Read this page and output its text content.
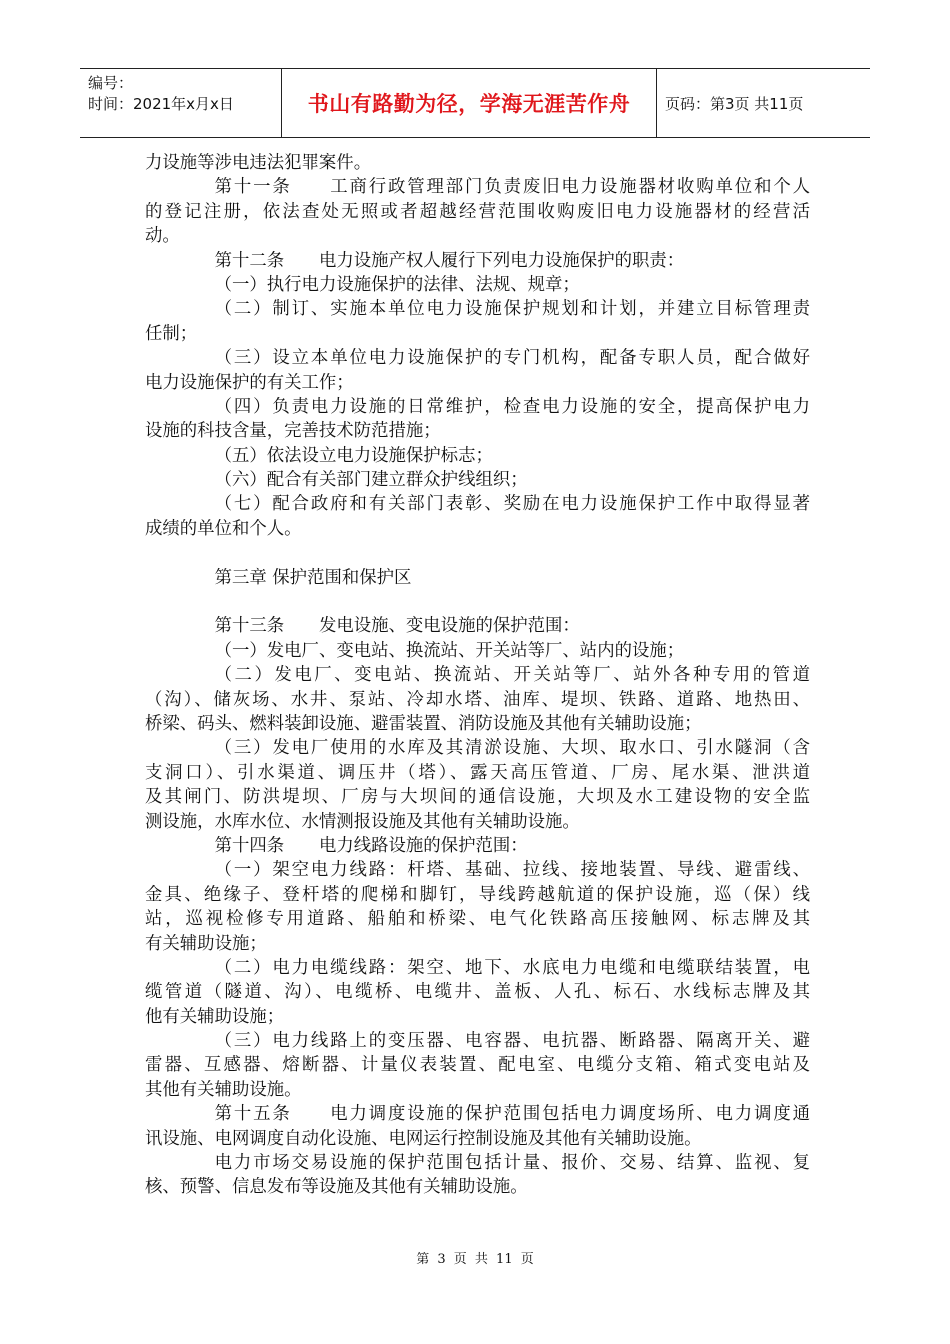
编号：
时间：2021年x月x日	书山有路勤为径，学海无涯苦作舟	页码：第3页 共11页
力设施等涉电违法犯罪案件。
第十一条　　工商行政管理部门负责废旧电力设施器材收购单位和个人
的登记注册，依法查处无照或者超越经营范围收购废旧电力设施器材的经营活
动。
第十二条　　电力设施产权人履行下列电力设施保护的职责：
（一）执行电力设施保护的法律、法规、规章；
（二）制订、实施本单位电力设施保护规划和计划，并建立目标管理责
任制；
（三）设立本单位电力设施保护的专门机构，配备专职人员，配合做好
电力设施保护的有关工作；
（四）负责电力设施的日常维护，检查电力设施的安全，提高保护电力
设施的科技含量，完善技术防范措施；
（五）依法设立电力设施保护标志；
（六）配合有关部门建立群众护线组织；
（七）配合政府和有关部门表彰、奖励在电力设施保护工作中取得显著
成绩的单位和个人。
第三章 保护范围和保护区
第十三条　　发电设施、变电设施的保护范围：
（一）发电厂、变电站、换流站、开关站等厂、站内的设施；
（二）发电厂、变电站、换流站、开关站等厂、站外各种专用的管道
（沟）、储灰场、水井、泵站、冷却水塔、油库、堤坝、铁路、道路、地热田、
桥梁、码头、燃料装卸设施、避雷装置、消防设施及其他有关辅助设施；
（三）发电厂使用的水库及其清淤设施、大坝、取水口、引水隧洞（含
支洞口）、引水渠道、调压井（塔）、露天高压管道、厂房、尾水渠、泄洪道
及其闸门、防洪堤坝、厂房与大坝间的通信设施，大坝及水工建设物的安全监
测设施，水库水位、水情测报设施及其他有关辅助设施。
第十四条　　电力线路设施的保护范围：
（一）架空电力线路：杆塔、基础、拉线、接地装置、导线、避雷线、
金具、绝缘子、登杆塔的爬梯和脚钉，导线跨越航道的保护设施，巡（保）线
站，巡视检修专用道路、船舶和桥梁、电气化铁路高压接触网、标志牌及其
有关辅助设施；
（二）电力电缆线路：架空、地下、水底电力电缆和电缆联结装置，电
缆管道（隧道、沟）、电缆桥、电缆井、盖板、人孔、标石、水线标志牌及其
他有关辅助设施；
（三）电力线路上的变压器、电容器、电抗器、断路器、隔离开关、避
雷器、互感器、熔断器、计量仪表装置、配电室、电缆分支箱、箱式变电站及
其他有关辅助设施。
第十五条　　电力调度设施的保护范围包括电力调度场所、电力调度通
讯设施、电网调度自动化设施、电网运行控制设施及其他有关辅助设施。
电力市场交易设施的保护范围包括计量、报价、交易、结算、监视、复
核、预警、信息发布等设施及其他有关辅助设施。
第 3 页 共 11 页
